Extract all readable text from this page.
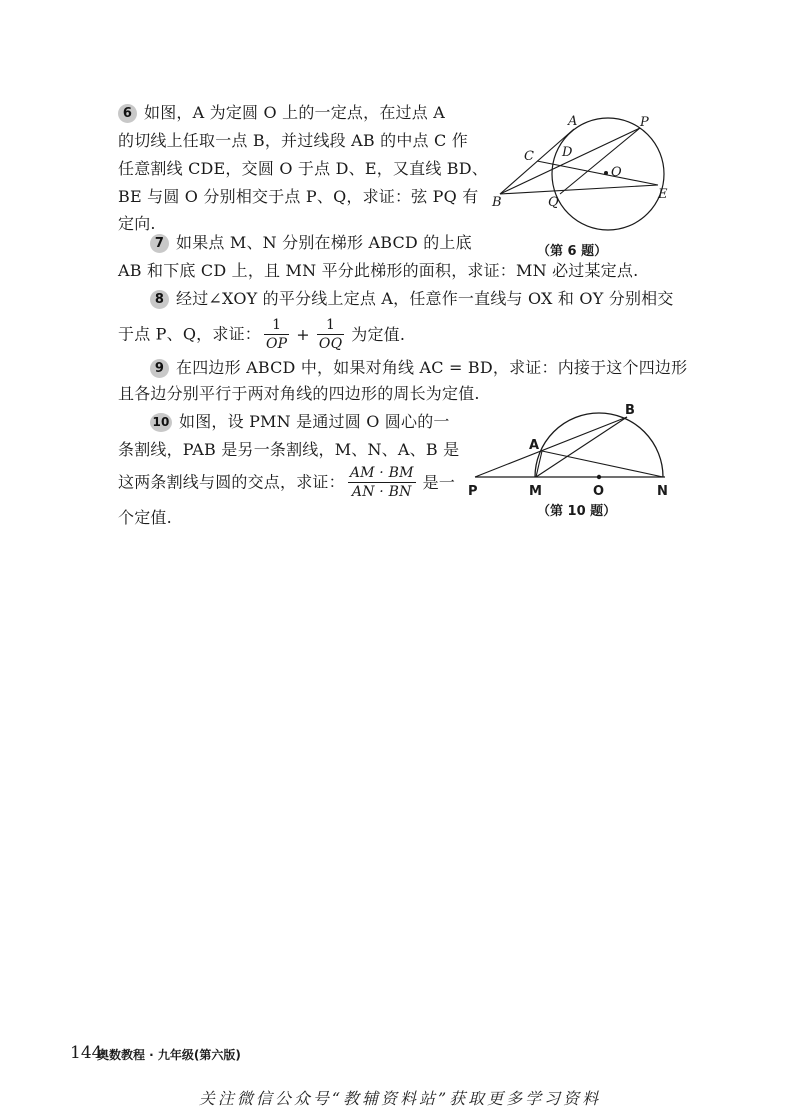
6 如图，A 为定圆 O 上的一定点，在过点 A
的切线上任取一点 B，并过线段 AB 的中点 C 作
任意割线 CDE，交圆 O 于点 D、E，又直线 BD、
BE 与圆 O 分别相交于点 P、Q，求证：弦 PQ 有
定向.
A	P
C D
O
B	Q
E
（第 6 题）
7 如果点 M、N 分别在梯形 ABCD 的上底
AB 和下底 CD 上，且 MN 平分此梯形的面积，求证：MN 必过某定点.
8 经过∠XOY 的平分线上定点 A，任意作一直线与 OX 和 OY 分别相交
于点 P、Q，求证： $\frac{1}{OP} + \frac{1}{OQ}$ 为定值.
9 在四边形 ABCD 中，如果对角线 AC = BD，求证：内接于这个四边形
且各边分别平行于两对角线的四边形的周长为定值.
10 如图，设 PMN 是通过圆 O 圆心的一
条割线，PAB 是另一条割线，M、N、A、B 是
这两条割线与圆的交点，求证： $\frac{AM \cdot BM}{AN \cdot BN}$ 是一
个定值.
B
A
P	M	O	N
（第 10 题）
144
奥数教程 · 九年级(第六版)
关注微信公众号“教辅资料站”获取更多学习资料
